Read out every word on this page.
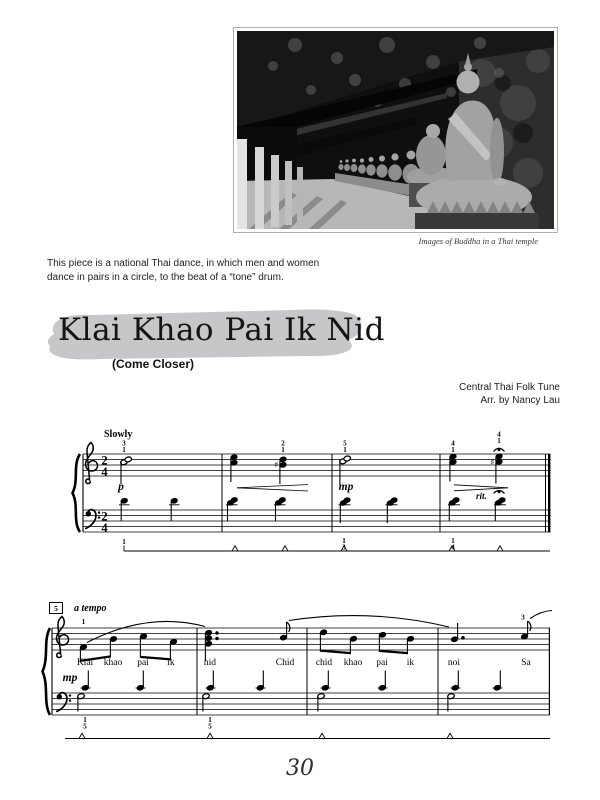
Images of Buddha in a Thai temple
This piece is a national Thai dance, in which men and women
dance in pairs in a circle, to the beat of a “tone” drum.
Klai Khao Pai Ik Nid
(Come Closer)
Central Thai Folk Tune
Arr. by Nancy Lau
2
4
2
4
Slowly
♯	♯
3
1
2
1
5
1
4
1
4
1
1	1
3
1
4
p	mp
rit.
5 a tempo
1
3
1
5
1
5
mp
Klai khao pai ik	nid	Chid chid khao pai ik	noi	Sa
30
